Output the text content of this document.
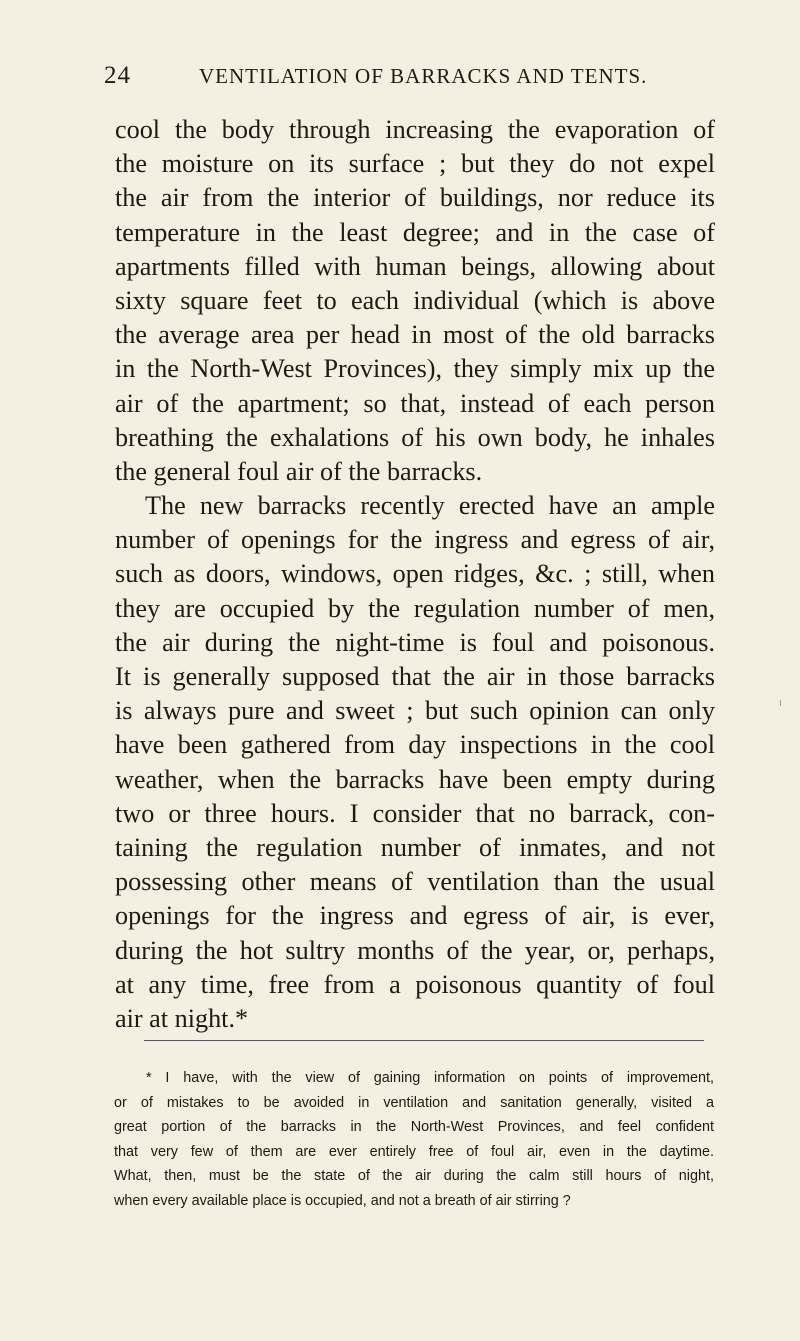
24	VENTILATION OF BARRACKS AND TENTS.
cool the body through increasing the evaporation of
the moisture on its surface ; but they do not expel
the air from the interior of buildings, nor reduce its
temperature in the least degree; and in the case of
apartments filled with human beings, allowing about
sixty square feet to each individual (which is above
the average area per head in most of the old barracks
in the North-West Provinces), they simply mix up the
air of the apartment; so that, instead of each person
breathing the exhalations of his own body, he inhales
the general foul air of the barracks.
The new barracks recently erected have an ample
number of openings for the ingress and egress of air,
such as doors, windows, open ridges, &c. ; still, when
they are occupied by the regulation number of men,
the air during the night-time is foul and poisonous.
It is generally supposed that the air in those barracks
is always pure and sweet ; but such opinion can only
have been gathered from day inspections in the cool
weather, when the barracks have been empty during
two or three hours. I consider that no barrack, con-
taining the regulation number of inmates, and not
possessing other means of ventilation than the usual
openings for the ingress and egress of air, is ever,
during the hot sultry months of the year, or, perhaps,
at any time, free from a poisonous quantity of foul
air at night.*
* I have, with the view of gaining information on points of improvement,
or of mistakes to be avoided in ventilation and sanitation generally, visited a
great portion of the barracks in the North-West Provinces, and feel confident
that very few of them are ever entirely free of foul air, even in the daytime.
What, then, must be the state of the air during the calm still hours of night,
when every available place is occupied, and not a breath of air stirring ?
